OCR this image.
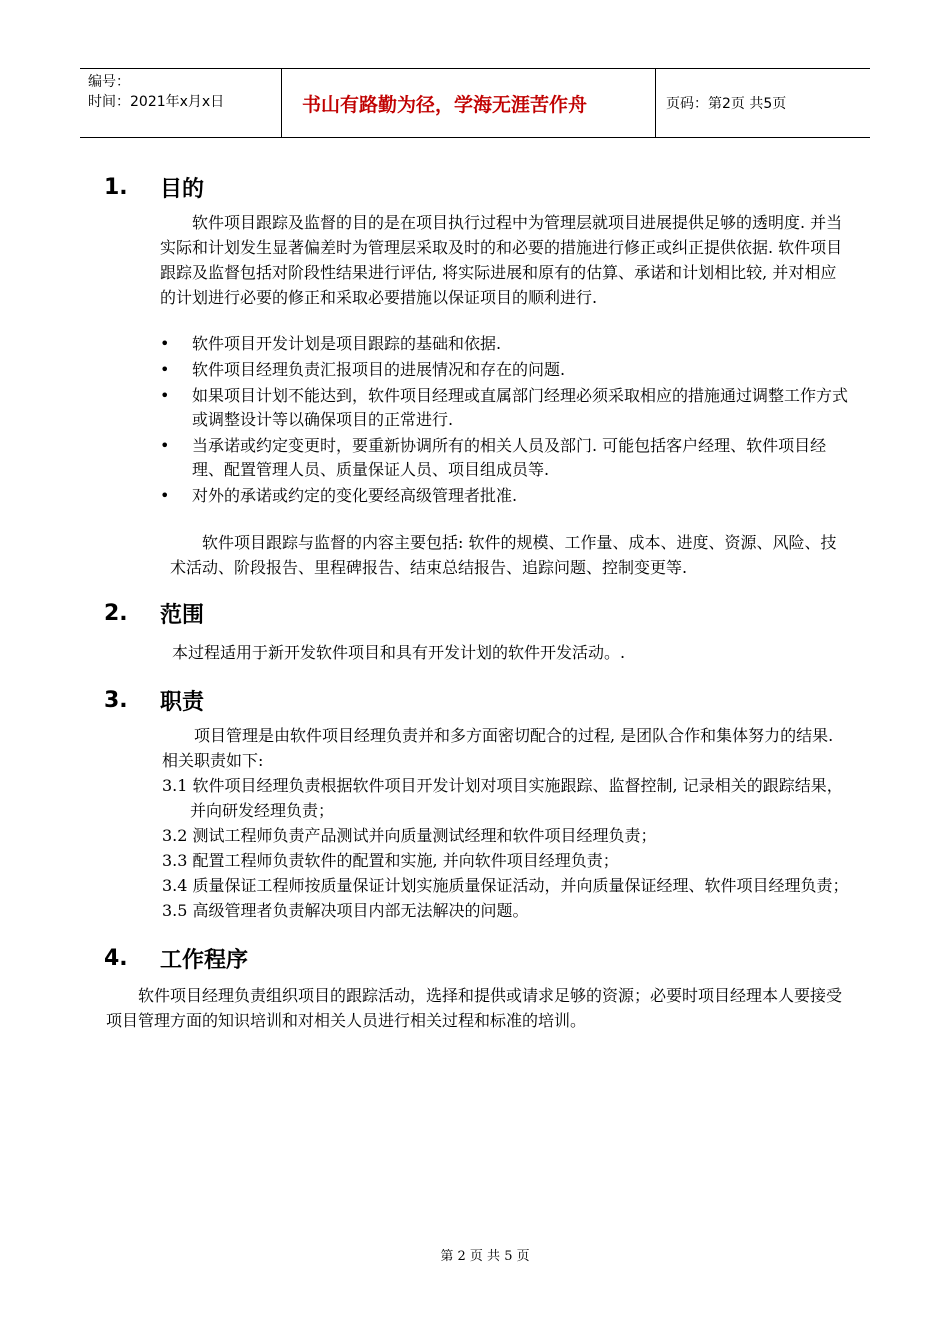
编号：
时间：2021年x月x日	书山有路勤为径，学海无涯苦作舟	页码：第2页 共5页
1.	目的

软件项目跟踪及监督的目的是在项目执行过程中为管理层就项目进展提供足够的透明度. 并当实际和计划发生显著偏差时为管理层采取及时的和必要的措施进行修正或纠正提供依据. 软件项目跟踪及监督包括对阶段性结果进行评估, 将实际进展和原有的估算、承诺和计划相比较, 并对相应的计划进行必要的修正和采取必要措施以保证项目的顺利进行.

• 软件项目开发计划是项目跟踪的基础和依据.
• 软件项目经理负责汇报项目的进展情况和存在的问题.
• 如果项目计划不能达到，软件项目经理或直属部门经理必须采取相应的措施通过调整工作方式或调整设计等以确保项目的正常进行.
• 当承诺或约定变更时，要重新协调所有的相关人员及部门. 可能包括客户经理、软件项目经理、配置管理人员、质量保证人员、项目组成员等.
• 对外的承诺或约定的变化要经高级管理者批准.

软件项目跟踪与监督的内容主要包括: 软件的规模、工作量、成本、进度、资源、风险、技术活动、阶段报告、里程碑报告、结束总结报告、追踪问题、控制变更等.

2.	范围

本过程适用于新开发软件项目和具有开发计划的软件开发活动。.

3.	职责

项目管理是由软件项目经理负责并和多方面密切配合的过程, 是团队合作和集体努力的结果. 相关职责如下:

3.1 软件项目经理负责根据软件项目开发计划对项目实施跟踪、监督控制, 记录相关的跟踪结果，并向研发经理负责；
3.2 测试工程师负责产品测试并向质量测试经理和软件项目经理负责；
3.3 配置工程师负责软件的配置和实施, 并向软件项目经理负责；
3.4 质量保证工程师按质量保证计划实施质量保证活动，并向质量保证经理、软件项目经理负责；
3.5 高级管理者负责解决项目内部无法解决的问题。
4.	工作程序

软件项目经理负责组织项目的跟踪活动，选择和提供或请求足够的资源；必要时项目经理本人要接受项目管理方面的知识培训和对相关人员进行相关过程和标准的培训。

第 2 页 共 5 页
